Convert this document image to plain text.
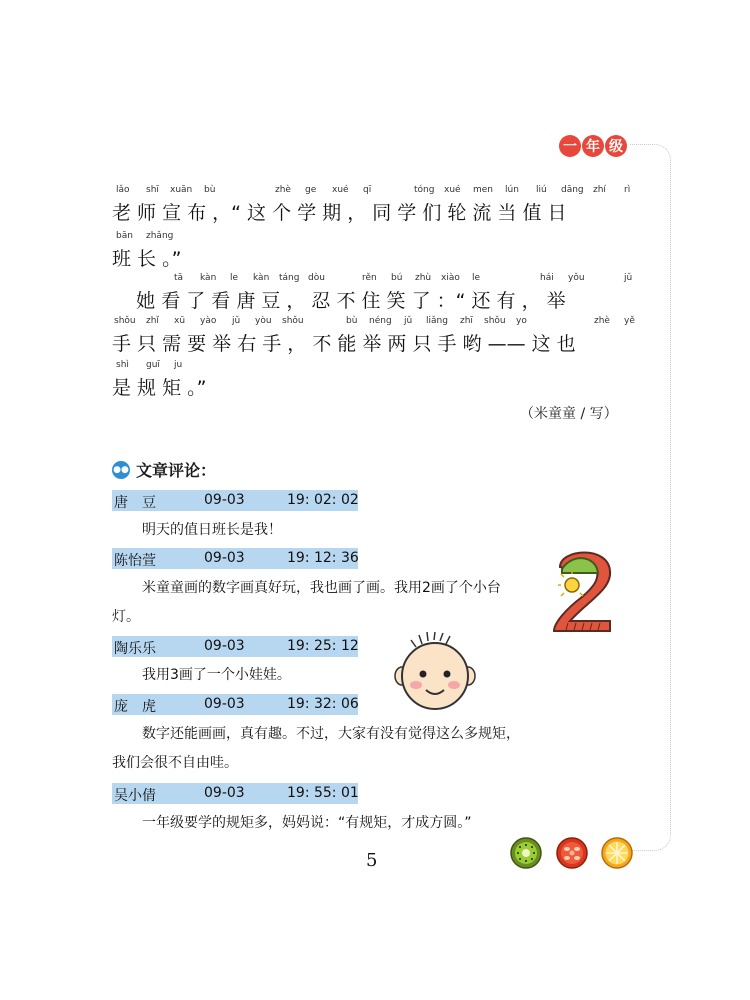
一 年 级
lǎo shī xuān bù	zhè ge xué qī	tóng xué men lún liú dāng zhí rì
老 师 宣 布 ，“ 这 个 学 期 ， 同 学 们 轮 流 当 值 日
bān zhǎng
班 长 。”
tā kàn le kàn táng dòu	rěn bú zhù xiào le	hái yǒu	jǔ
她 看 了 看 唐 豆 ， 忍 不 住 笑 了 ：“ 还 有 ， 举
shǒu zhǐ xū yào jǔ yòu shǒu	bù néng jǔ liǎng zhī shǒu yo	zhè yě
手 只 需 要 举 右 手 ， 不 能 举 两 只 手 哟 —— 这 也
shì guī ju
是 规 矩 。”
（米童童 / 写）
●● 文章评论：
唐　豆	09-03	19: 02: 02
明天的值日班长是我！
陈怡萱	09-03	19: 12: 36
米童童画的数字画真好玩，我也画了画。我用2画了个小台灯。
陶乐乐	09-03	19: 25: 12
我用3画了一个小娃娃。
庞　虎	09-03	19: 32: 06
数字还能画画，真有趣。不过，大家有没有觉得这么多规矩，我们会很不自由哇。
吴小倩	09-03	19: 55: 01
一年级要学的规矩多，妈妈说：“有规矩，才成方圆。”
5
